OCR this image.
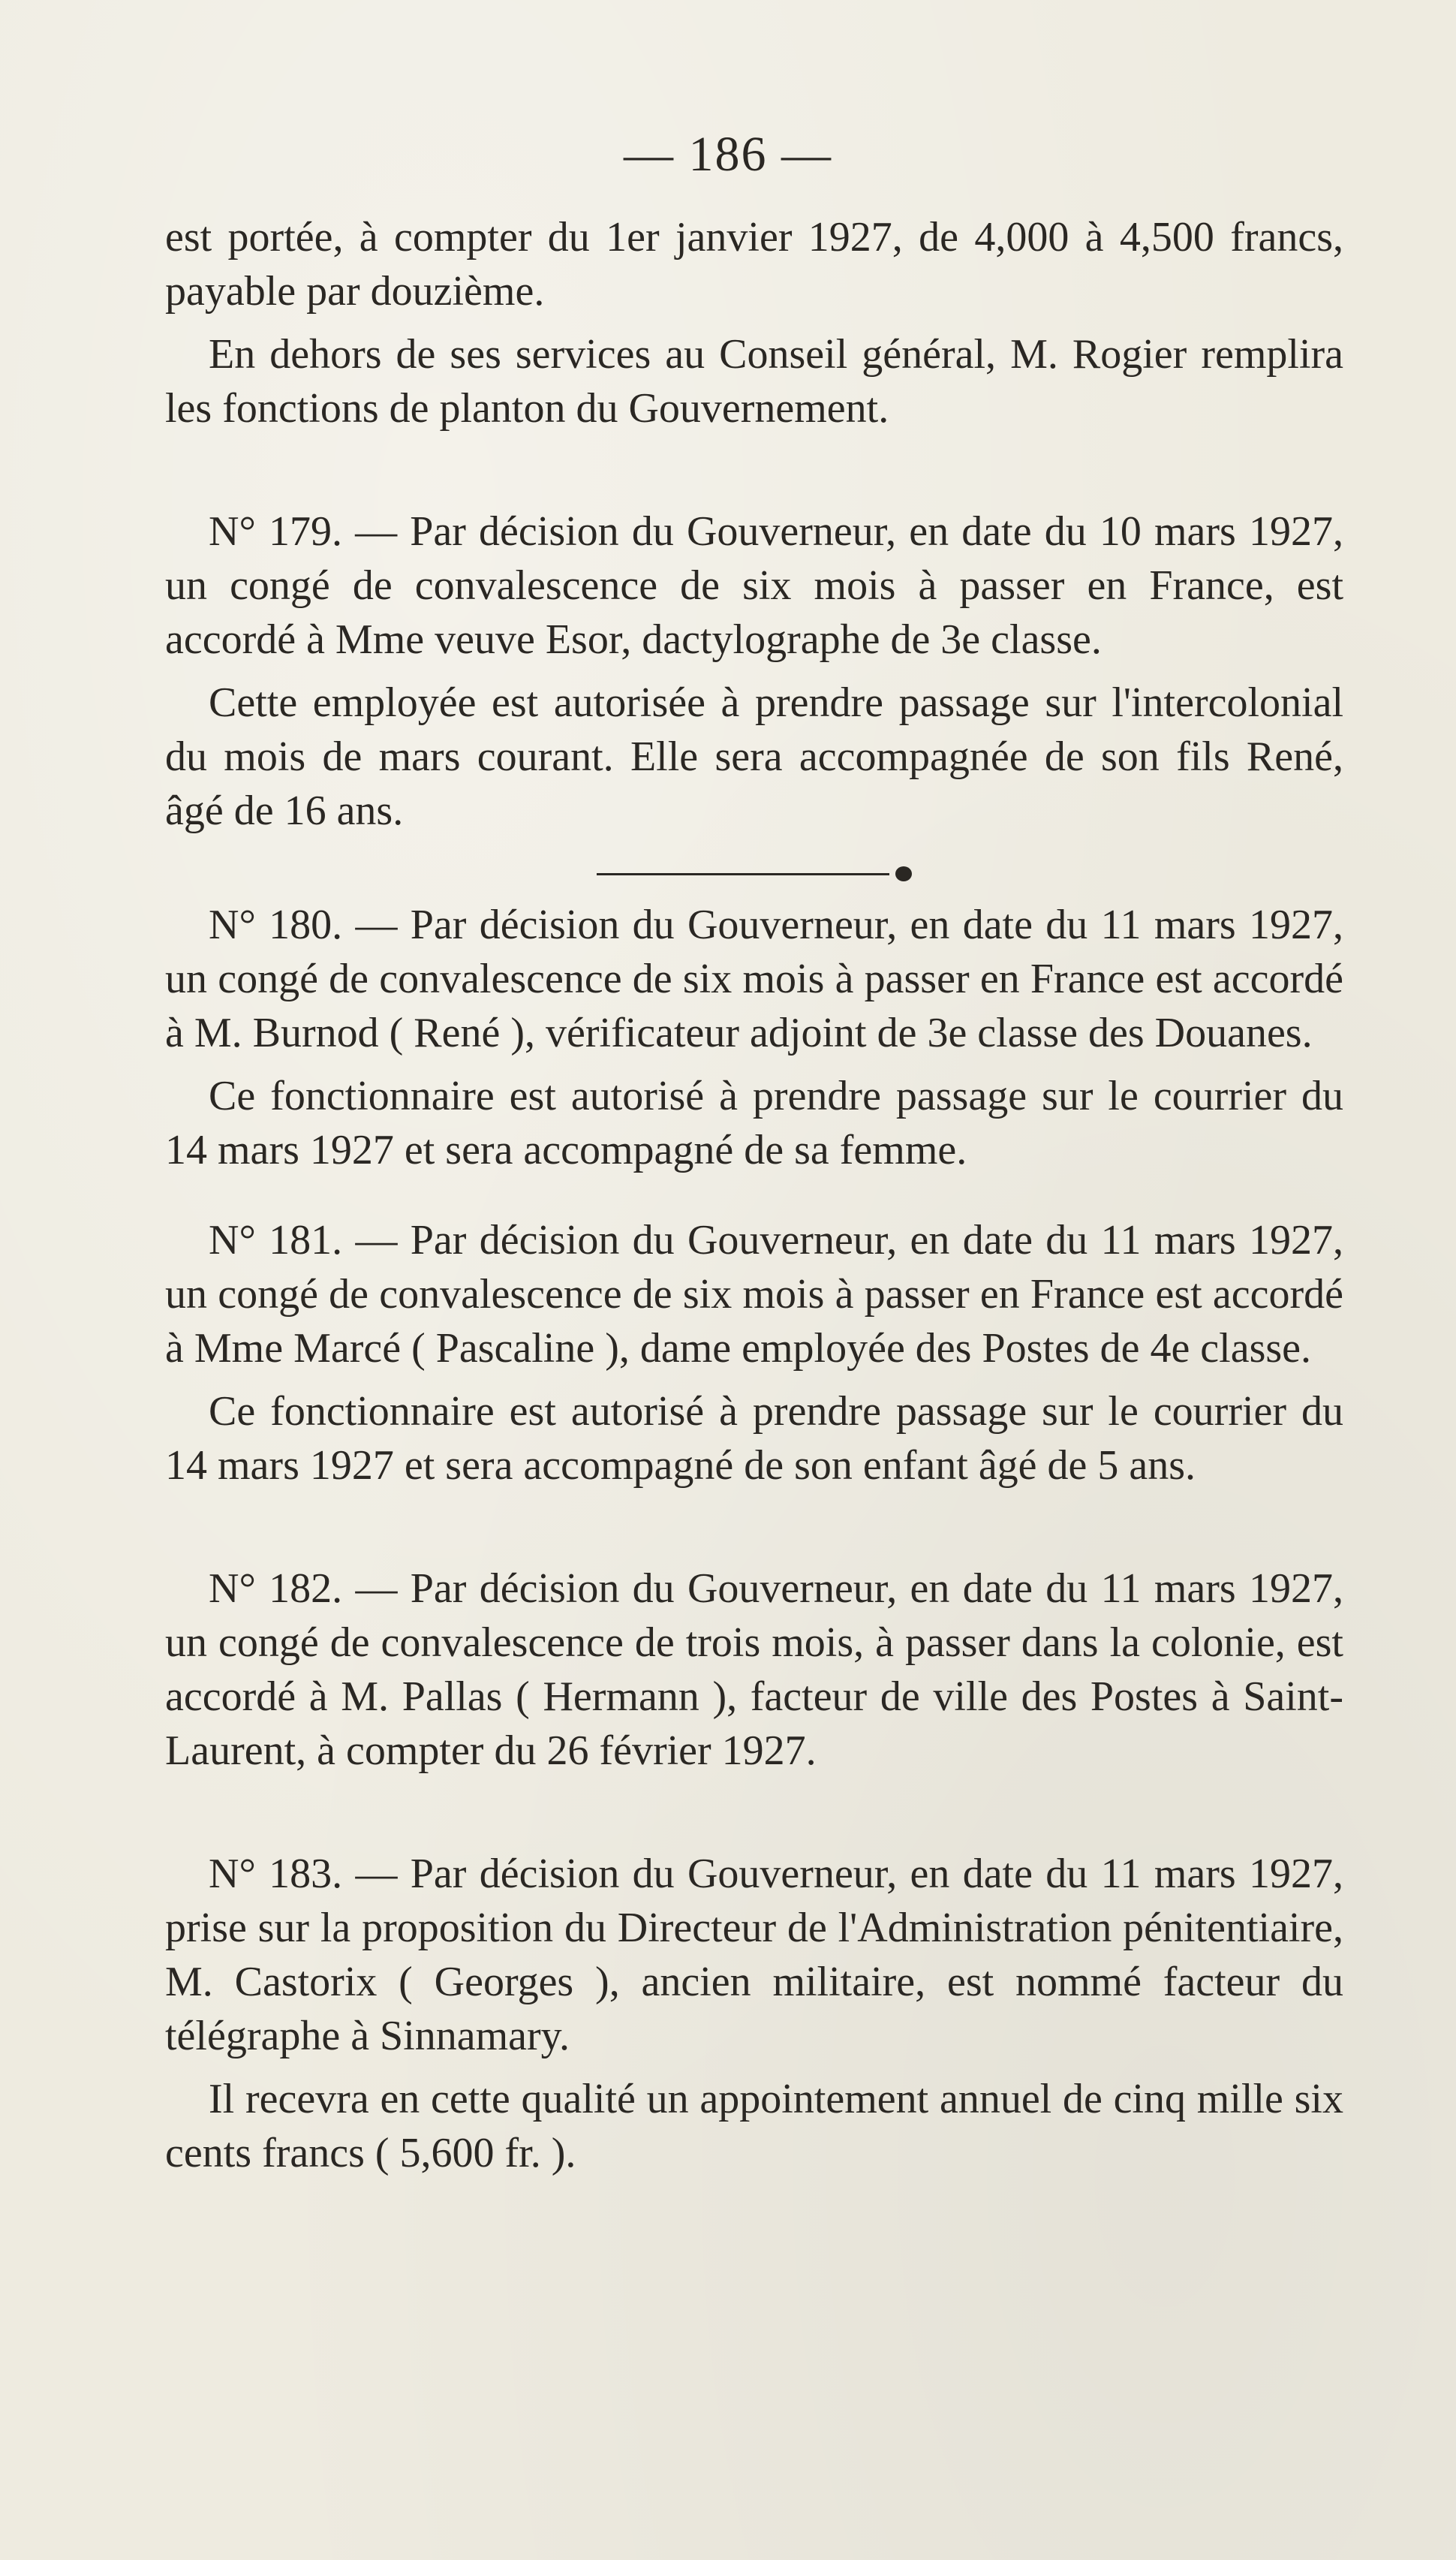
— 186 —

est portée, à compter du 1er janvier 1927, de 4,000 à 4,500 francs, payable par douzième.

En dehors de ses services au Conseil général, M. Rogier remplira les fonctions de planton du Gouvernement.

N° 179. — Par décision du Gouverneur, en date du 10 mars 1927, un congé de convalescence de six mois à passer en France, est accordé à Mme veuve Esor, dactylographe de 3e classe.

Cette employée est autorisée à prendre passage sur l'intercolonial du mois de mars courant. Elle sera accompagnée de son fils René, âgé de 16 ans.

N° 180. — Par décision du Gouverneur, en date du 11 mars 1927, un congé de convalescence de six mois à passer en France est accordé à M. Burnod ( René ), vérificateur adjoint de 3e classe des Douanes.

Ce fonctionnaire est autorisé à prendre passage sur le courrier du 14 mars 1927 et sera accompagné de sa femme.

N° 181. — Par décision du Gouverneur, en date du 11 mars 1927, un congé de convalescence de six mois à passer en France est accordé à Mme Marcé ( Pascaline ), dame employée des Postes de 4e classe.

Ce fonctionnaire est autorisé à prendre passage sur le courrier du 14 mars 1927 et sera accompagné de son enfant âgé de 5 ans.

N° 182. — Par décision du Gouverneur, en date du 11 mars 1927, un congé de convalescence de trois mois, à passer dans la colonie, est accordé à M. Pallas ( Hermann ), facteur de ville des Postes à Saint-Laurent, à compter du 26 février 1927.

N° 183. — Par décision du Gouverneur, en date du 11 mars 1927, prise sur la proposition du Directeur de l'Administration pénitentiaire, M. Castorix ( Georges ), ancien militaire, est nommé facteur du télégraphe à Sinnamary.

Il recevra en cette qualité un appointement annuel de cinq mille six cents francs ( 5,600 fr. ).
